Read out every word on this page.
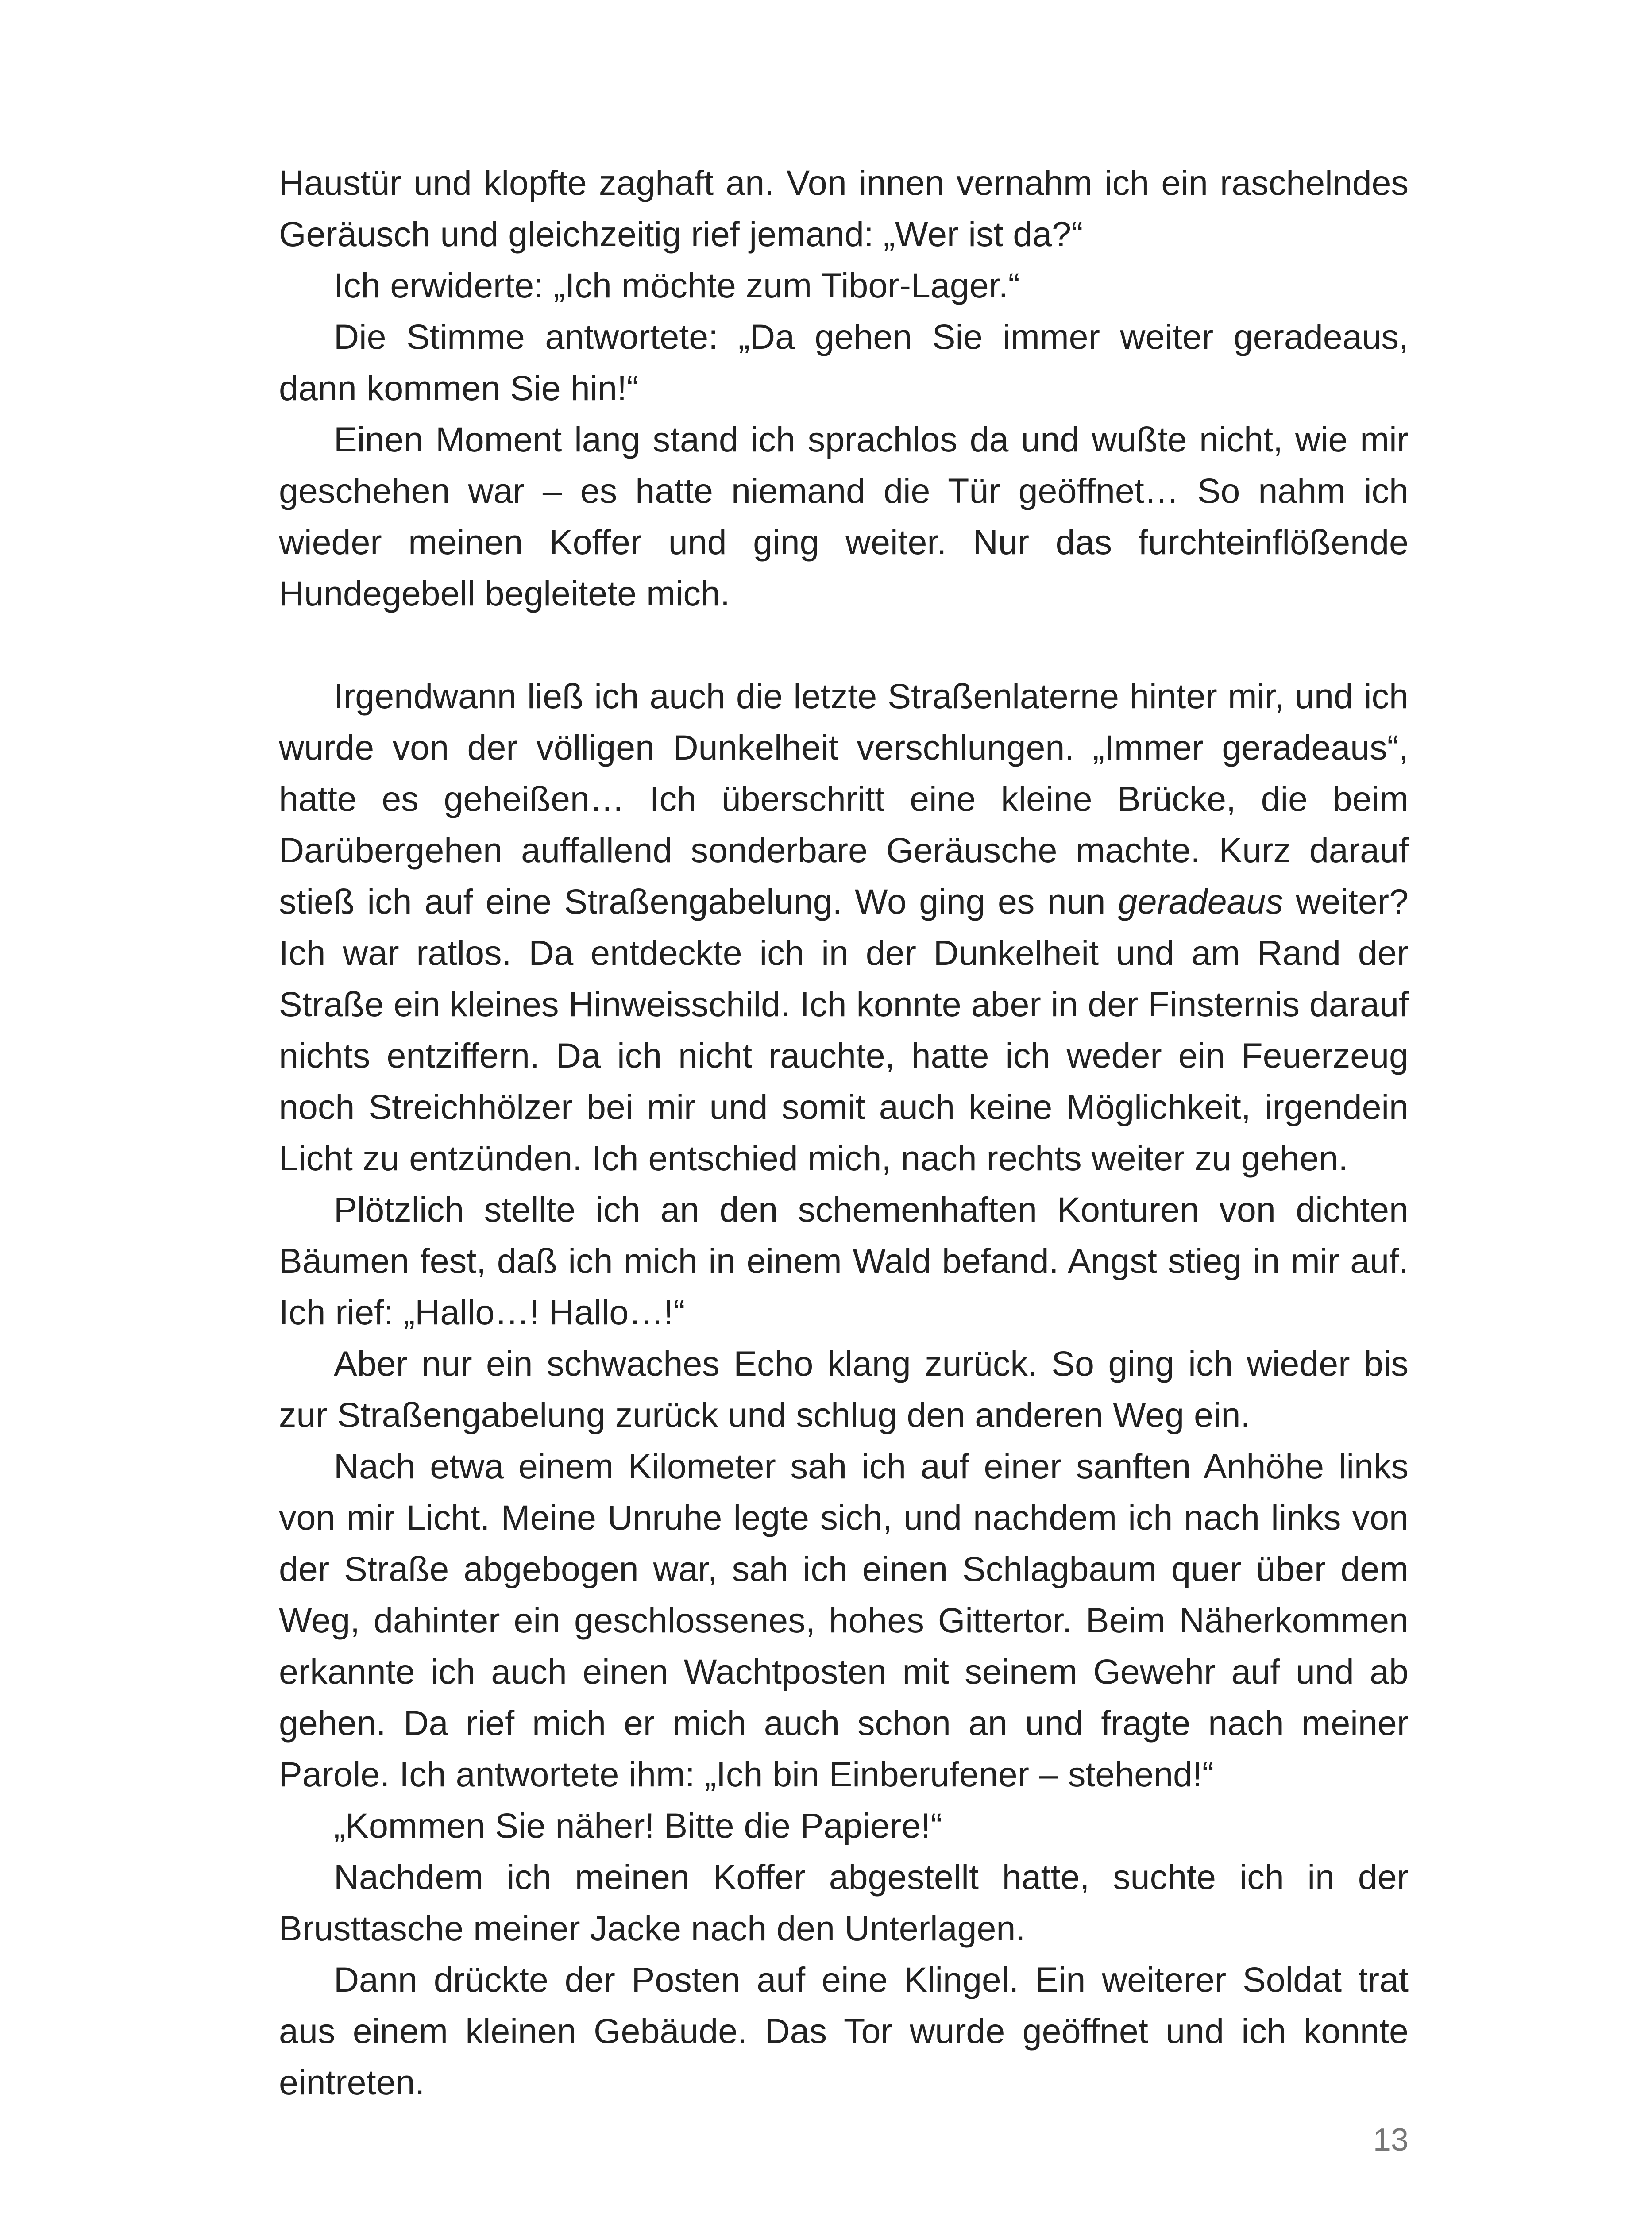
Haustür und klopfte zaghaft an. Von innen vernahm ich ein raschelndes Geräusch und gleichzeitig rief jemand: „Wer ist da?“

Ich erwiderte: „Ich möchte zum Tibor-Lager.“

Die Stimme antwortete: „Da gehen Sie immer weiter geradeaus, dann kommen Sie hin!“

Einen Moment lang stand ich sprachlos da und wußte nicht, wie mir geschehen war – es hatte niemand die Tür geöffnet… So nahm ich wieder meinen Koffer und ging weiter. Nur das furchteinflößende Hundegebell begleitete mich.

Irgendwann ließ ich auch die letzte Straßenlaterne hinter mir, und ich wurde von der völligen Dunkelheit verschlungen. „Immer geradeaus“, hatte es geheißen… Ich überschritt eine kleine Brücke, die beim Darübergehen auffallend sonderbare Geräusche machte. Kurz darauf stieß ich auf eine Straßengabelung. Wo ging es nun geradeaus weiter? Ich war ratlos. Da entdeckte ich in der Dunkelheit und am Rand der Straße ein kleines Hinweisschild. Ich konnte aber in der Finsternis darauf nichts entziffern. Da ich nicht rauchte, hatte ich weder ein Feuerzeug noch Streichhölzer bei mir und somit auch keine Möglichkeit, irgendein Licht zu entzünden. Ich entschied mich, nach rechts weiter zu gehen.

Plötzlich stellte ich an den schemenhaften Konturen von dichten Bäumen fest, daß ich mich in einem Wald befand. Angst stieg in mir auf. Ich rief: „Hallo…! Hallo…!“

Aber nur ein schwaches Echo klang zurück. So ging ich wieder bis zur Straßengabelung zurück und schlug den anderen Weg ein.

Nach etwa einem Kilometer sah ich auf einer sanften Anhöhe links von mir Licht. Meine Unruhe legte sich, und nachdem ich nach links von der Straße abgebogen war, sah ich einen Schlagbaum quer über dem Weg, dahinter ein geschlossenes, hohes Gittertor. Beim Näherkommen erkannte ich auch einen Wachtposten mit seinem Gewehr auf und ab gehen. Da rief mich er mich auch schon an und fragte nach meiner Parole. Ich antwortete ihm: „Ich bin Einberufener – stehend!“

„Kommen Sie näher! Bitte die Papiere!“

Nachdem ich meinen Koffer abgestellt hatte, suchte ich in der Brusttasche meiner Jacke nach den Unterlagen.

Dann drückte der Posten auf eine Klingel. Ein weiterer Soldat trat aus einem kleinen Gebäude. Das Tor wurde geöffnet und ich konnte eintreten.

13
